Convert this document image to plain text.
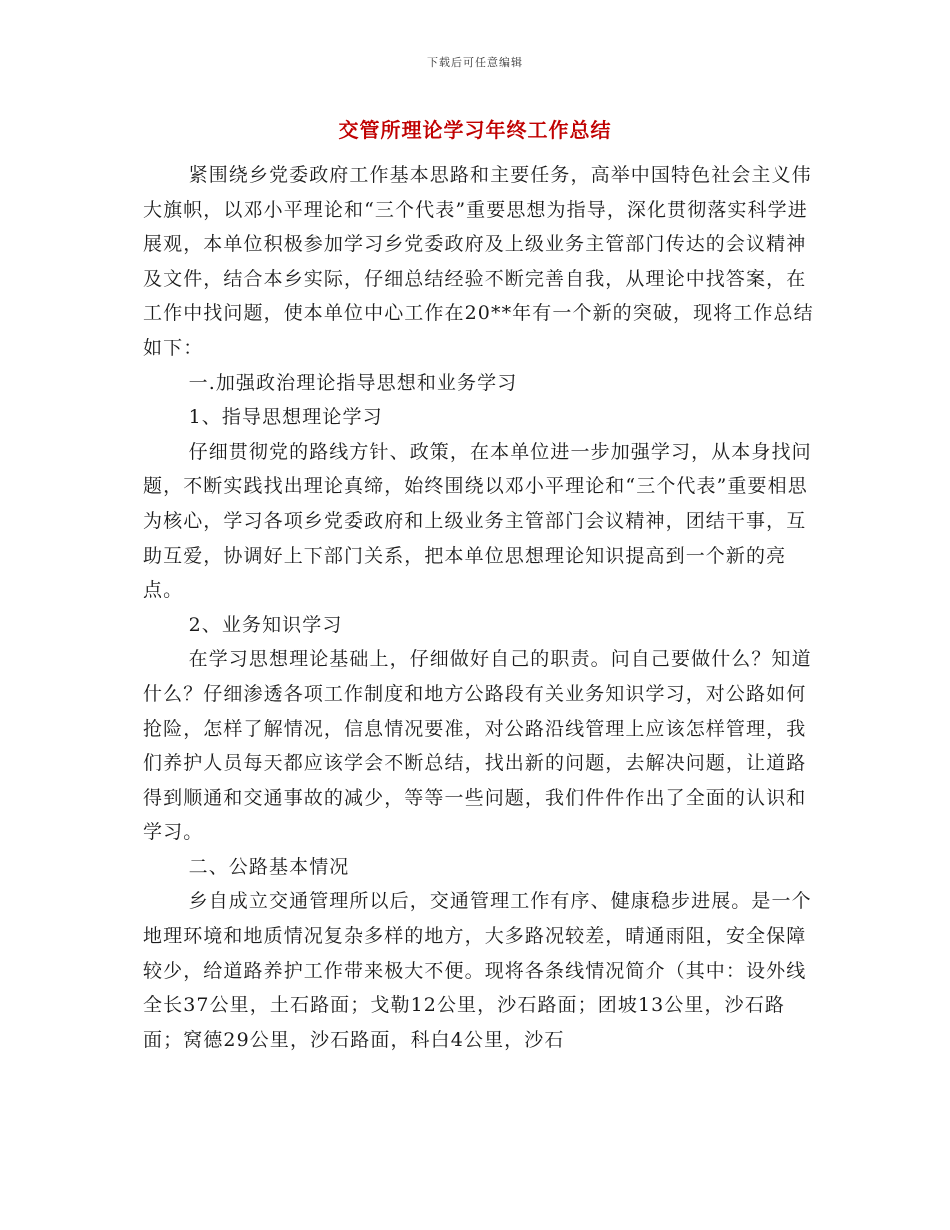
下载后可任意编辑
交管所理论学习年终工作总结

紧围绕乡党委政府工作基本思路和主要任务，高举中国特色社会主义伟大旗帜，以邓小平理论和“三个代表”重要思想为指导，深化贯彻落实科学进展观，本单位积极参加学习乡党委政府及上级业务主管部门传达的会议精神及文件，结合本乡实际，仔细总结经验不断完善自我，从理论中找答案，在工作中找问题，使本单位中心工作在20**年有一个新的突破，现将工作总结如下：

一.加强政治理论指导思想和业务学习

1、指导思想理论学习

仔细贯彻党的路线方针、政策，在本单位进一步加强学习，从本身找问题，不断实践找出理论真缔，始终围绕以邓小平理论和“三个代表”重要相思为核心，学习各项乡党委政府和上级业务主管部门会议精神，团结干事，互助互爱，协调好上下部门关系，把本单位思想理论知识提高到一个新的亮点。

2、业务知识学习

在学习思想理论基础上，仔细做好自己的职责。问自己要做什么？知道什么？仔细渗透各项工作制度和地方公路段有关业务知识学习，对公路如何抢险，怎样了解情况，信息情况要准，对公路沿线管理上应该怎样管理，我们养护人员每天都应该学会不断总结，找出新的问题，去解决问题，让道路得到顺通和交通事故的减少，等等一些问题，我们件件作出了全面的认识和学习。

二、公路基本情况

乡自成立交通管理所以后，交通管理工作有序、健康稳步进展。是一个地理环境和地质情况复杂多样的地方，大多路况较差，晴通雨阻，安全保障较少，给道路养护工作带来极大不便。现将各条线情况简介（其中：设外线全长37公里，土石路面；戈勒12公里，沙石路面；团坡13公里，沙石路面；窝德29公里，沙石路面，科白4公里，沙石
